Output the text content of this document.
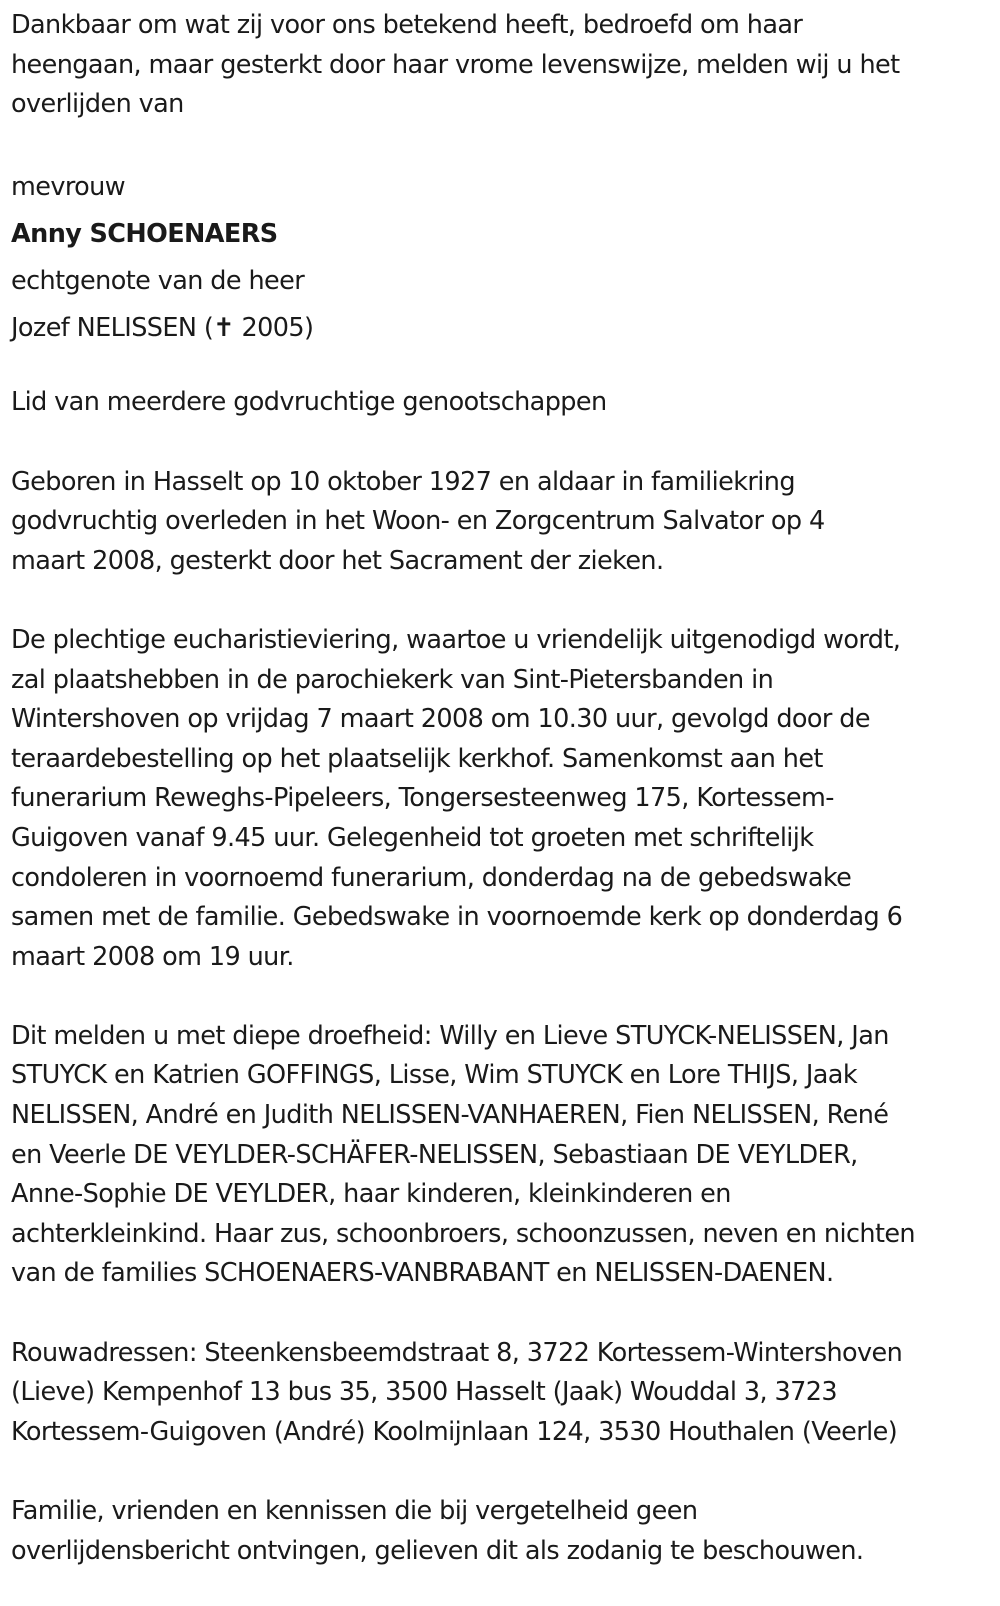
Dankbaar om wat zij voor ons betekend heeft, bedroefd om haar
heengaan, maar gesterkt door haar vrome levenswijze, melden wij u het
overlijden van

mevrouw

Anny SCHOENAERS

echtgenote van de heer

Jozef NELISSEN (✝ 2005)

Lid van meerdere godvruchtige genootschappen

Geboren in Hasselt op 10 oktober 1927 en aldaar in familiekring
godvruchtig overleden in het Woon- en Zorgcentrum Salvator op 4
maart 2008, gesterkt door het Sacrament der zieken.

De plechtige eucharistieviering, waartoe u vriendelijk uitgenodigd wordt,
zal plaatshebben in de parochiekerk van Sint-Pietersbanden in
Wintershoven op vrijdag 7 maart 2008 om 10.30 uur, gevolgd door de
teraardebestelling op het plaatselijk kerkhof. Samenkomst aan het
funerarium Reweghs-Pipeleers, Tongersesteenweg 175, Kortessem-
Guigoven vanaf 9.45 uur. Gelegenheid tot groeten met schriftelijk
condoleren in voornoemd funerarium, donderdag na de gebedswake
samen met de familie. Gebedswake in voornoemde kerk op donderdag 6
maart 2008 om 19 uur.

Dit melden u met diepe droefheid: Willy en Lieve STUYCK-NELISSEN, Jan
STUYCK en Katrien GOFFINGS, Lisse, Wim STUYCK en Lore THIJS, Jaak
NELISSEN, André en Judith NELISSEN-VANHAEREN, Fien NELISSEN, René
en Veerle DE VEYLDER-SCHÄFER-NELISSEN, Sebastiaan DE VEYLDER,
Anne-Sophie DE VEYLDER, haar kinderen, kleinkinderen en
achterkleinkind. Haar zus, schoonbroers, schoonzussen, neven en nichten
van de families SCHOENAERS-VANBRABANT en NELISSEN-DAENEN.

Rouwadressen: Steenkensbeemdstraat 8, 3722 Kortessem-Wintershoven
(Lieve) Kempenhof 13 bus 35, 3500 Hasselt (Jaak) Wouddal 3, 3723
Kortessem-Guigoven (André) Koolmijnlaan 124, 3530 Houthalen (Veerle)

Familie, vrienden en kennissen die bij vergetelheid geen
overlijdensbericht ontvingen, gelieven dit als zodanig te beschouwen.
